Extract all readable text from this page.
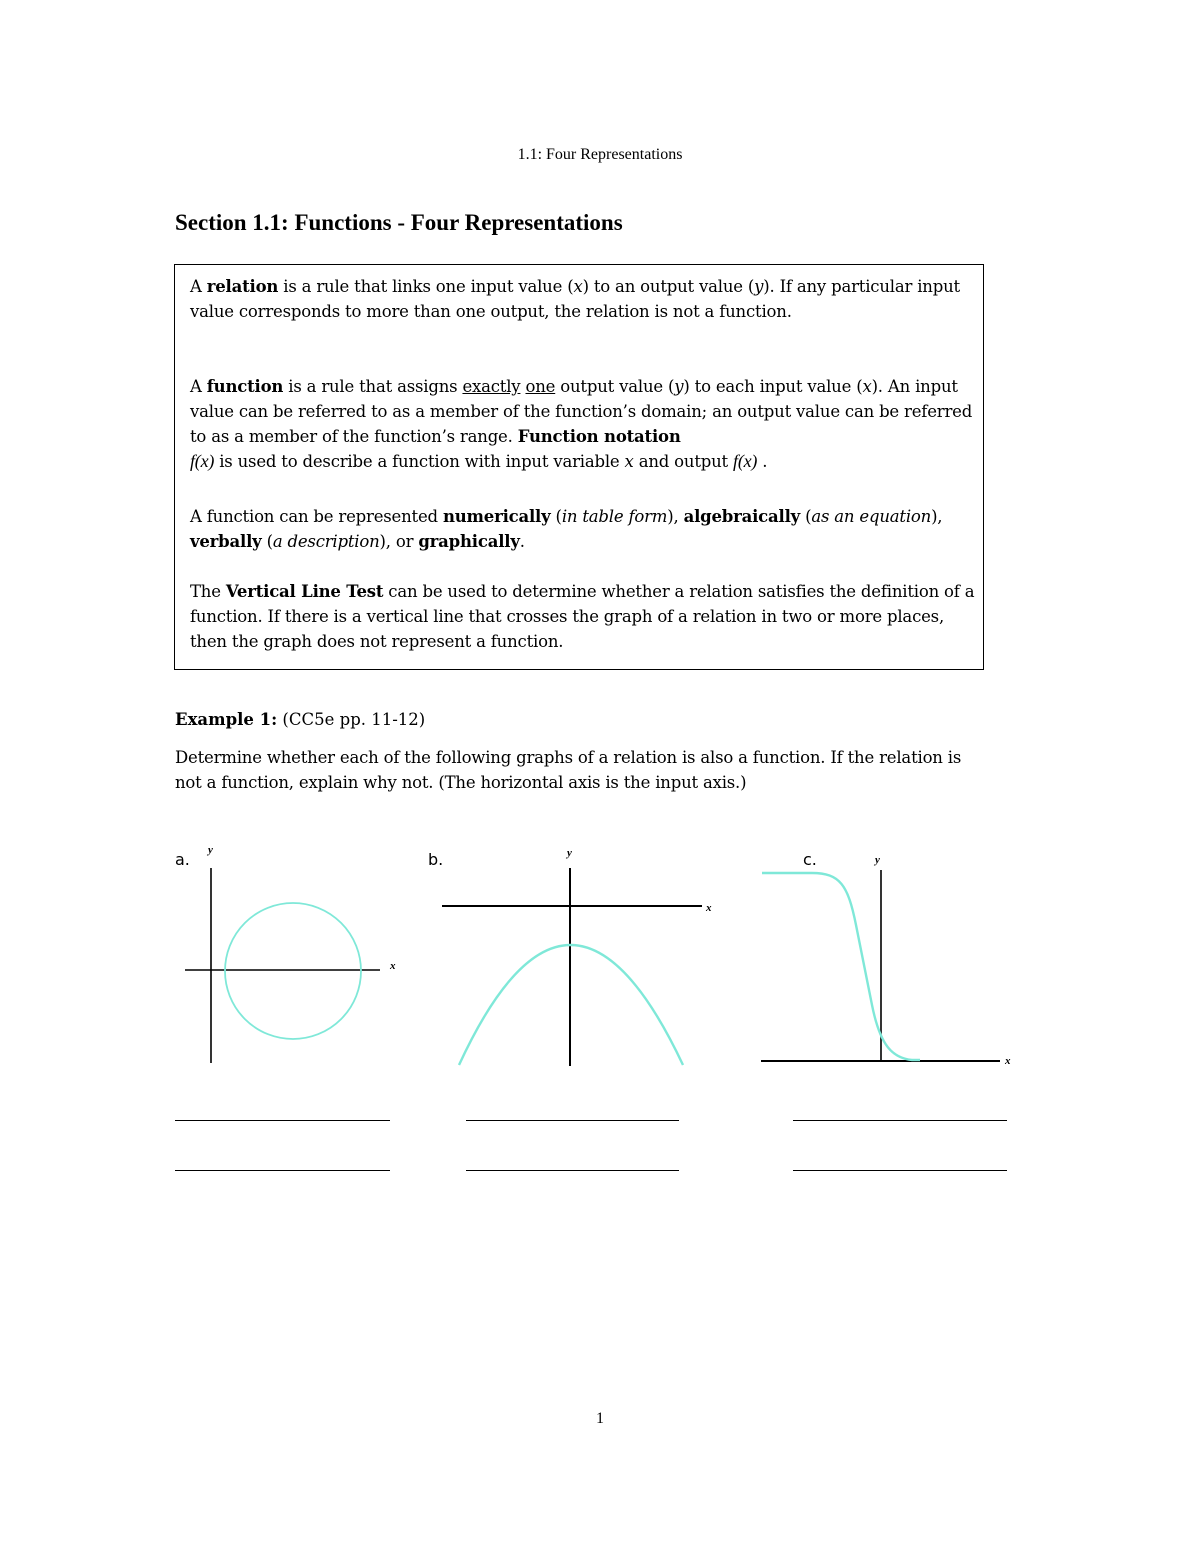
1.1: Four Representations
Section 1.1: Functions - Four Representations
A relation is a rule that links one input value (x) to an output value (y). If any particular input value corresponds to more than one output, the relation is not a function.
A function is a rule that assigns exactly one output value (y) to each input value (x). An input value can be referred to as a member of the function’s domain; an output value can be referred to as a member of the function’s range. Function notation
f(x) is used to describe a function with input variable x and output f(x) .
A function can be represented numerically (in table form), algebraically (as an equation), verbally (a description), or graphically.
The Vertical Line Test can be used to determine whether a relation satisfies the definition of a function. If there is a vertical line that crosses the graph of a relation in two or more places, then the graph does not represent a function.
Example 1: (CC5e pp. 11-12)
Determine whether each of the following graphs of a relation is also a function. If the relation is not a function, explain why not. (The horizontal axis is the input axis.)
a.	b.	c.
y
x
y
x
y
x
1
